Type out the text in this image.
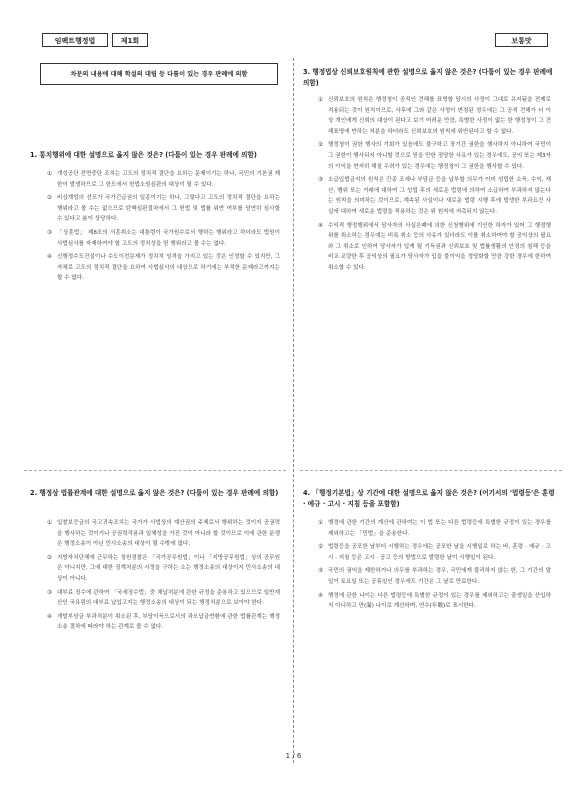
임팩트행정법	제1회	보통맛
차문의 내용에 대해 학설의 대립 등 다툼이 있는 경우 판례에 의함
1. 통치행위에 대한 설명으로 옳지 않은 것은? (다툼이 있는 경우 판례에 의함)
① 개성공단 전면중단 조치는 고도의 정치적 결단을 요하는 문제이기는 하나, 국민의 기본권 제한이 발생하므로 그 한도에서 헌법소원심판의 대상이 될 수 있다.
② 비상계엄의 선포가 국가긴급권의 일종이기는 하나, 그렇다고 고도의 정치적 결단을 요하는 행위라고 볼 수는 없으므로 탄핵심판절차에서 그 헌법 및 법률 위반 여부를 당연히 심사할 수 있다고 봄이 상당하다.
③ 「상훈법」 제8조의 서훈취소는 대통령이 국가원수로서 행하는 행위라고 하더라도 법원이 사법심사를 자제하여야 할 고도의 정치성을 띤 행위라고 볼 수는 없다.
④ 신행정수도건설이나 수도이전문제가 정치적 성격을 가지고 있는 것은 인정할 수 있지만, 그 자체로 고도의 정치적 결단을 요하여 사법심사의 대상으로 하기에는 부적한 문제라고까지는 할 수 없다.
2. 행정상 법률관계에 대한 설명으로 옳지 않은 것은? (다툼이 있는 경우 판례에 의함)
① 입찰보증금의 국고귀속조치는 국가가 사법상의 재산권의 주체로서 행위하는 것이지 공권력을 행사하는 것이거나 공권력작용과 일체성을 가진 것이 아니라 할 것이므로 이에 관한 분쟁은 행정소송이 아닌 민사소송의 대상이 될 수밖에 없다.
② 지방자치단체에 근무하는 청원경찰은 「국가공무원법」이나 「지방공무원법」상의 공무원은 아니지만, 그에 대한 징계처분의 시정을 구하는 소는 행정소송의 대상이지 민사소송의 대상이 아니다.
③ 대부료 징수에 관하여 「국세징수법」중 체납처분에 관한 규정을 준용하고 있으므로 일반재산인 국유림의 대부료 납입고지는 행정소송의 대상이 되는 행정처분으로 보아야 한다.
④ 개발부담금 부과처분이 취소된 후, 부당이득으로서의 과오납금반환에 관한 법률관계는 행정소송 절차에 따라야 하는 관계로 볼 수 없다.
3. 행정법상 신뢰보호원칙에 관한 설명으로 옳지 않은 것은? (다툼이 있는 경우 판례에 의함)
① 신뢰보호의 원칙은 행정청이 공적인 견해를 표명할 당시의 사정이 그대로 유지됨을 전제로 적용되는 것이 원칙이므로, 사후에 그와 같은 사정이 변경된 경우에는 그 공적 견해가 더 이상 개인에게 신뢰의 대상이 된다고 보기 어려운 만큼, 특별한 사정이 없는 한 행정청이 그 견해표명에 반하는 처분을 하더라도 신뢰보호의 원칙에 위반된다고 할 수 없다.
② 행정청이 권한 행사의 기회가 있음에도 불구하고 장기간 권한을 행사하지 아니하여 국민이 그 권한이 행사되지 아니할 것으로 믿을 만한 정당한 사유가 있는 경우에도, 공익 또는 제3자의 이익을 현저히 해칠 우려가 있는 경우에는 행정청이 그 권한을 행사할 수 있다.
③ 소급입법금지의 원칙은 간종 조세나 부담금 등을 납부할 의무가 이미 성립한 소득, 수익, 재산, 행위 또는 거래에 대하여 그 성립 후의 새로운 법령에 의하여 소급하여 부과하지 않는다는 원칙을 의미하는 것이므로, 계속된 사실이나 새로운 법령 시행 후에 발생한 부과요건 사실에 대하여 새로운 법령을 적용하는 것은 위 원칙에 저촉되지 않는다.
④ 수익적 행정행위에서 당사자의 사실은폐에 의한 신청행위에 기인한 하자가 있어 그 행정행위를 취소하는 경우에는 비록 취소 등의 사유가 있더라도 이를 취소하여야 할 공익상의 필요와 그 취소로 인하여 당사자가 입게 될 기득권과 신뢰보호 및 법률생활의 안정의 침해 등을 비교·교량한 후 공익상의 필요가 당사자가 입을 불이익을 정당화할 만큼 강한 경우에 한하여 취소할 수 있다.
4. 「행정기본법」상 기간에 대한 설명으로 옳지 않은 것은? (어기서의 '법령등'은 훈령 · 예규 · 고시 · 지침 등을 포함함)
① 행정에 관한 기간의 계산에 관하여는 이 법 또는 다른 법령등에 특별한 규정이 있는 경우를 제외하고는 「민법」을 준용한다.
② 법령등을 공포한 날부터 시행하는 경우에는 공포한 날을 시행일로 하는 바, 훈령 · 예규 · 고시 · 지침 등은 고시 · 공고 등의 방법으로 발령한 날이 시행일이 된다.
③ 국민의 권익을 제한하거나 의무를 부과하는 경우, 국민에게 불리하지 않는 한, 그 기간의 말일이 토요일 또는 공휴일인 경우에도 기간은 그 날로 만료한다.
④ 행정에 관한 나이는 다른 법령등에 특별한 규정이 있는 경우를 제외하고는 출생일을 산입하지 아니하고 만(滿) 나이로 계산하며, 연수(年數)로 표시한다.
1 / 6
